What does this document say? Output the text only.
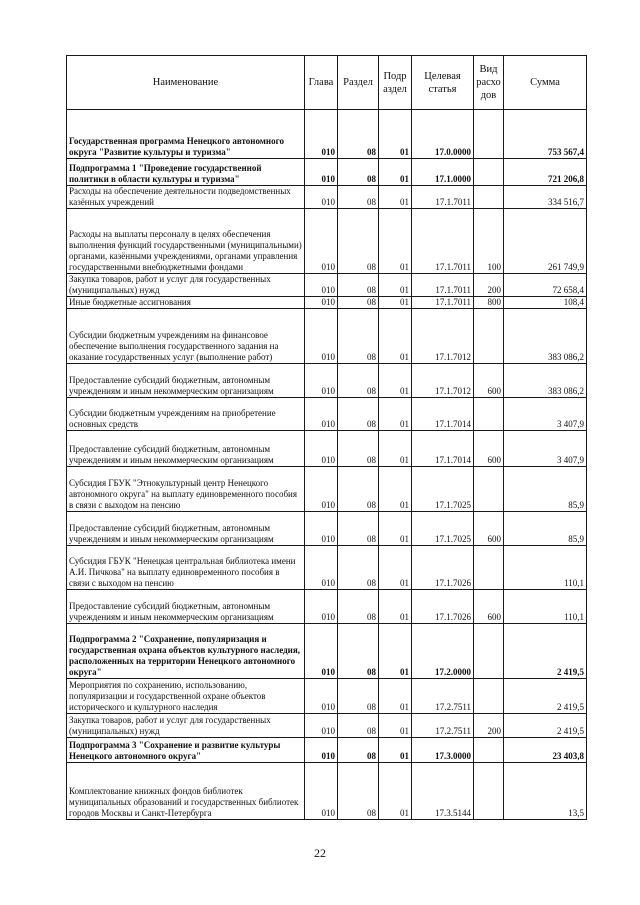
Наименование	Глава	Раздел	Подр аздел	Целевая статья	Вид расхо дов	Сумма
Государственная программа Ненецкого автономного округа "Развитие культуры и туризма"	010	08	01	17.0.0000		753 567,4
Подпрограмма 1 "Проведение государственной политики в области культуры и туризма"	010	08	01	17.1.0000		721 206,8
Расходы на обеспечение деятельности подведомственных казённых учреждений	010	08	01	17.1.7011		334 516,7
Расходы на выплаты персоналу в целях обеспечения выполнения функций государственными (муниципальными) органами, казёнными учреждениями, органами управления государственными внебюджетными фондами	010	08	01	17.1.7011	100	261 749,9
Закупка товаров, работ и услуг для государственных (муниципальных) нужд	010	08	01	17.1.7011	200	72 658,4
Иные бюджетные ассигнования	010	08	01	17.1.7011	800	108,4
Субсидии бюджетным учреждениям на финансовое обеспечение выполнения государственного задания на оказание государственных услуг (выполнение работ)	010	08	01	17.1.7012		383 086,2
Предоставление субсидий бюджетным, автономным учреждениям и иным некоммерческим организациям	010	08	01	17.1.7012	600	383 086,2
Субсидии бюджетным учреждениям на приобретение основных средств	010	08	01	17.1.7014		3 407,9
Предоставление субсидий бюджетным, автономным учреждениям и иным некоммерческим организациям	010	08	01	17.1.7014	600	3 407,9
Субсидия ГБУК "Этнокультурный центр Ненецкого автономного округа" на выплату единовременного пособия в связи с выходом на пенсию	010	08	01	17.1.7025		85,9
Предоставление субсидий бюджетным, автономным учреждениям и иным некоммерческим организациям	010	08	01	17.1.7025	600	85,9
Субсидия ГБУК "Ненецкая центральная библиотека имени А.И. Пичкова" на выплату единовременного пособия в связи с выходом на пенсию	010	08	01	17.1.7026		110,1
Предоставление субсидий бюджетным, автономным учреждениям и иным некоммерческим организациям	010	08	01	17.1.7026	600	110,1
Подпрограмма 2 "Сохранение, популяризация и государственная охрана объектов культурного наследия, расположенных на территории Ненецкого автономного округа"	010	08	01	17.2.0000		2 419,5
Мероприятия по сохранению, использованию, популяризации и государственной охране объектов исторического и культурного наследия	010	08	01	17.2.7511		2 419,5
Закупка товаров, работ и услуг для государственных (муниципальных) нужд	010	08	01	17.2.7511	200	2 419,5
Подпрограмма 3 "Сохранение и развитие культуры Ненецкого автономного округа"	010	08	01	17.3.0000		23 403,8
Комплектование книжных фондов библиотек муниципальных образований и государственных библиотек городов Москвы и Санкт-Петербурга	010	08	01	17.3.5144		13,5
22
